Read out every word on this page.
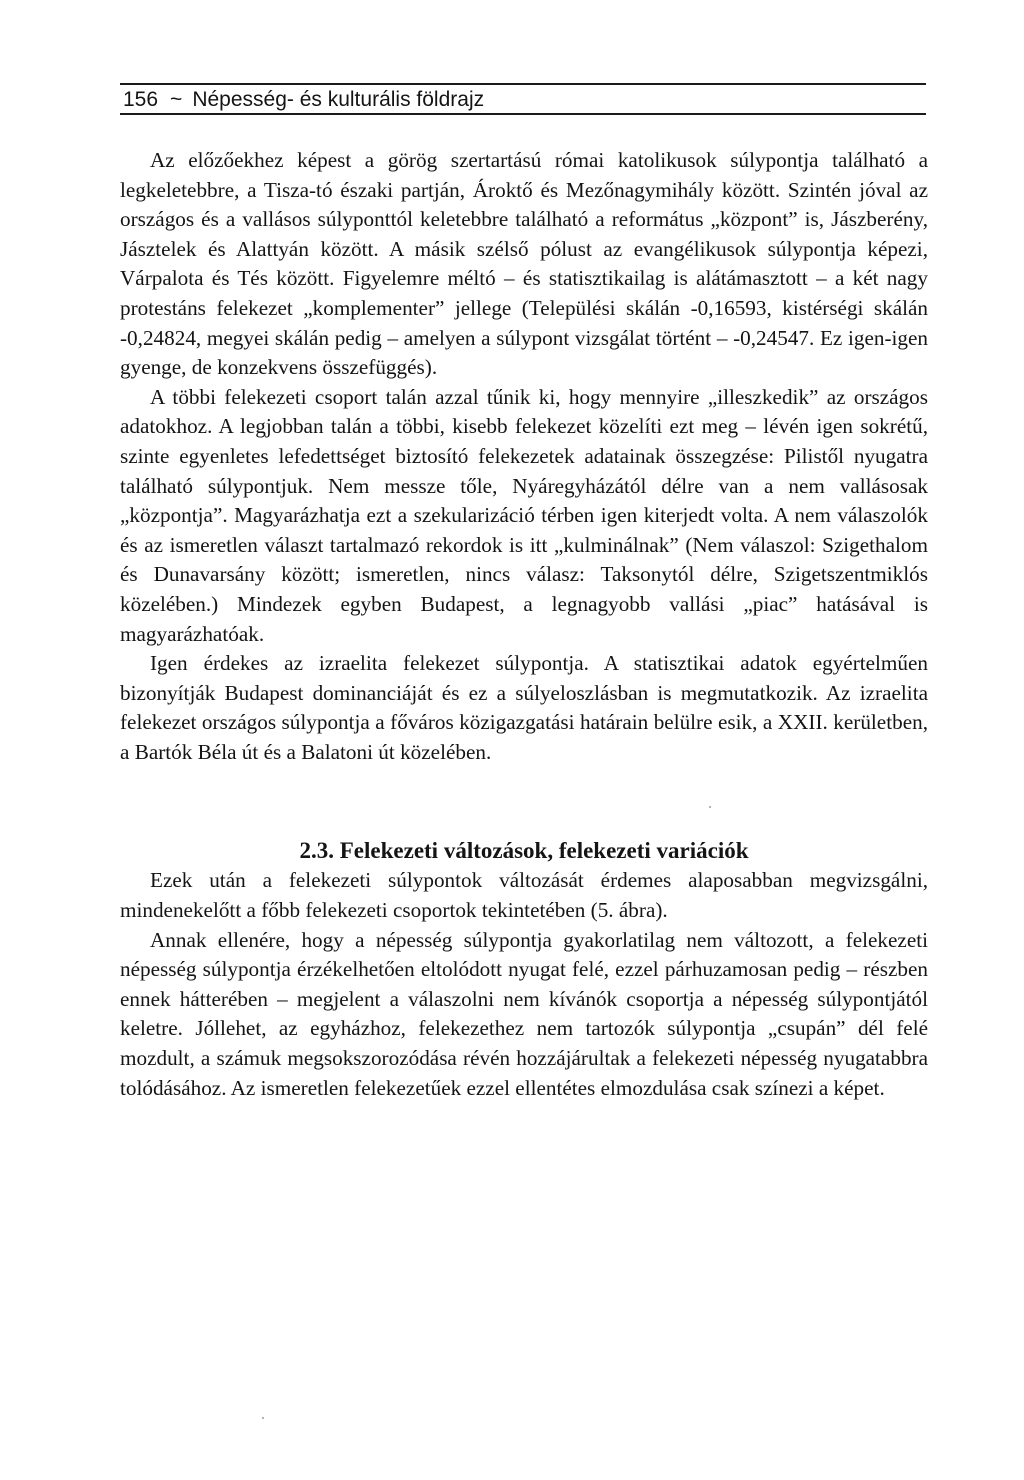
156 ~ Népesség- és kulturális földrajz

Az előzőekhez képest a görög szertartású római katolikusok súlypontja található a legkeletebbre, a Tisza-tó északi partján, Ároktő és Mezőnagymihály között. Szintén jóval az országos és a vallásos súlyponttól keletebbre található a református „központ” is, Jászberény, Jásztelek és Alattyán között. A másik szélső pólust az evangélikusok súlypontja képezi, Várpalota és Tés között. Figyelemre méltó – és statisztikailag is alátámasztott – a két nagy protestáns felekezet „komplementer” jellege (Települési skálán -0,16593, kistérségi skálán -0,24824, megyei skálán pedig – amelyen a súlypont vizsgálat történt – -0,24547. Ez igen-igen gyenge, de konzekvens összefüggés).

A többi felekezeti csoport talán azzal tűnik ki, hogy mennyire „illeszkedik” az országos adatokhoz. A legjobban talán a többi, kisebb felekezet közelíti ezt meg – lévén igen sokrétű, szinte egyenletes lefedettséget biztosító felekezetek adatainak összegzése: Pilistől nyugatra található súlypontjuk. Nem messze tőle, Nyáregyházától délre van a nem vallásosak „központja”. Magyarázhatja ezt a szekularizáció térben igen kiterjedt volta. A nem válaszolók és az ismeretlen választ tartalmazó rekordok is itt „kulminálnak” (Nem válaszol: Szigethalom és Dunavarsány között; ismeretlen, nincs válasz: Taksonytól délre, Szigetszentmiklós közelében.) Mindezek egyben Budapest, a legnagyobb vallási „piac” hatásával is magyarázhatóak.

Igen érdekes az izraelita felekezet súlypontja. A statisztikai adatok egyértelműen bizonyítják Budapest dominanciáját és ez a súlyeloszlásban is megmutatkozik. Az izraelita felekezet országos súlypontja a főváros közigazgatási határain belülre esik, a XXII. kerületben, a Bartók Béla út és a Balatoni út közelében.

2.3. Felekezeti változások, felekezeti variációk

Ezek után a felekezeti súlypontok változását érdemes alaposabban megvizsgálni, mindenekelőtt a főbb felekezeti csoportok tekintetében (5. ábra).

Annak ellenére, hogy a népesség súlypontja gyakorlatilag nem változott, a felekezeti népesség súlypontja érzékelhetően eltolódott nyugat felé, ezzel párhuzamosan pedig – részben ennek hátterében – megjelent a válaszolni nem kívánók csoportja a népesség súlypontjától keletre. Jóllehet, az egyházhoz, felekezethez nem tartozók súlypontja „csupán” dél felé mozdult, a számuk megsokszorozódása révén hozzájárultak a felekezeti népesség nyugatabbra tolódásához. Az ismeretlen felekezetűek ezzel ellentétes elmozdulása csak színezi a képet.
